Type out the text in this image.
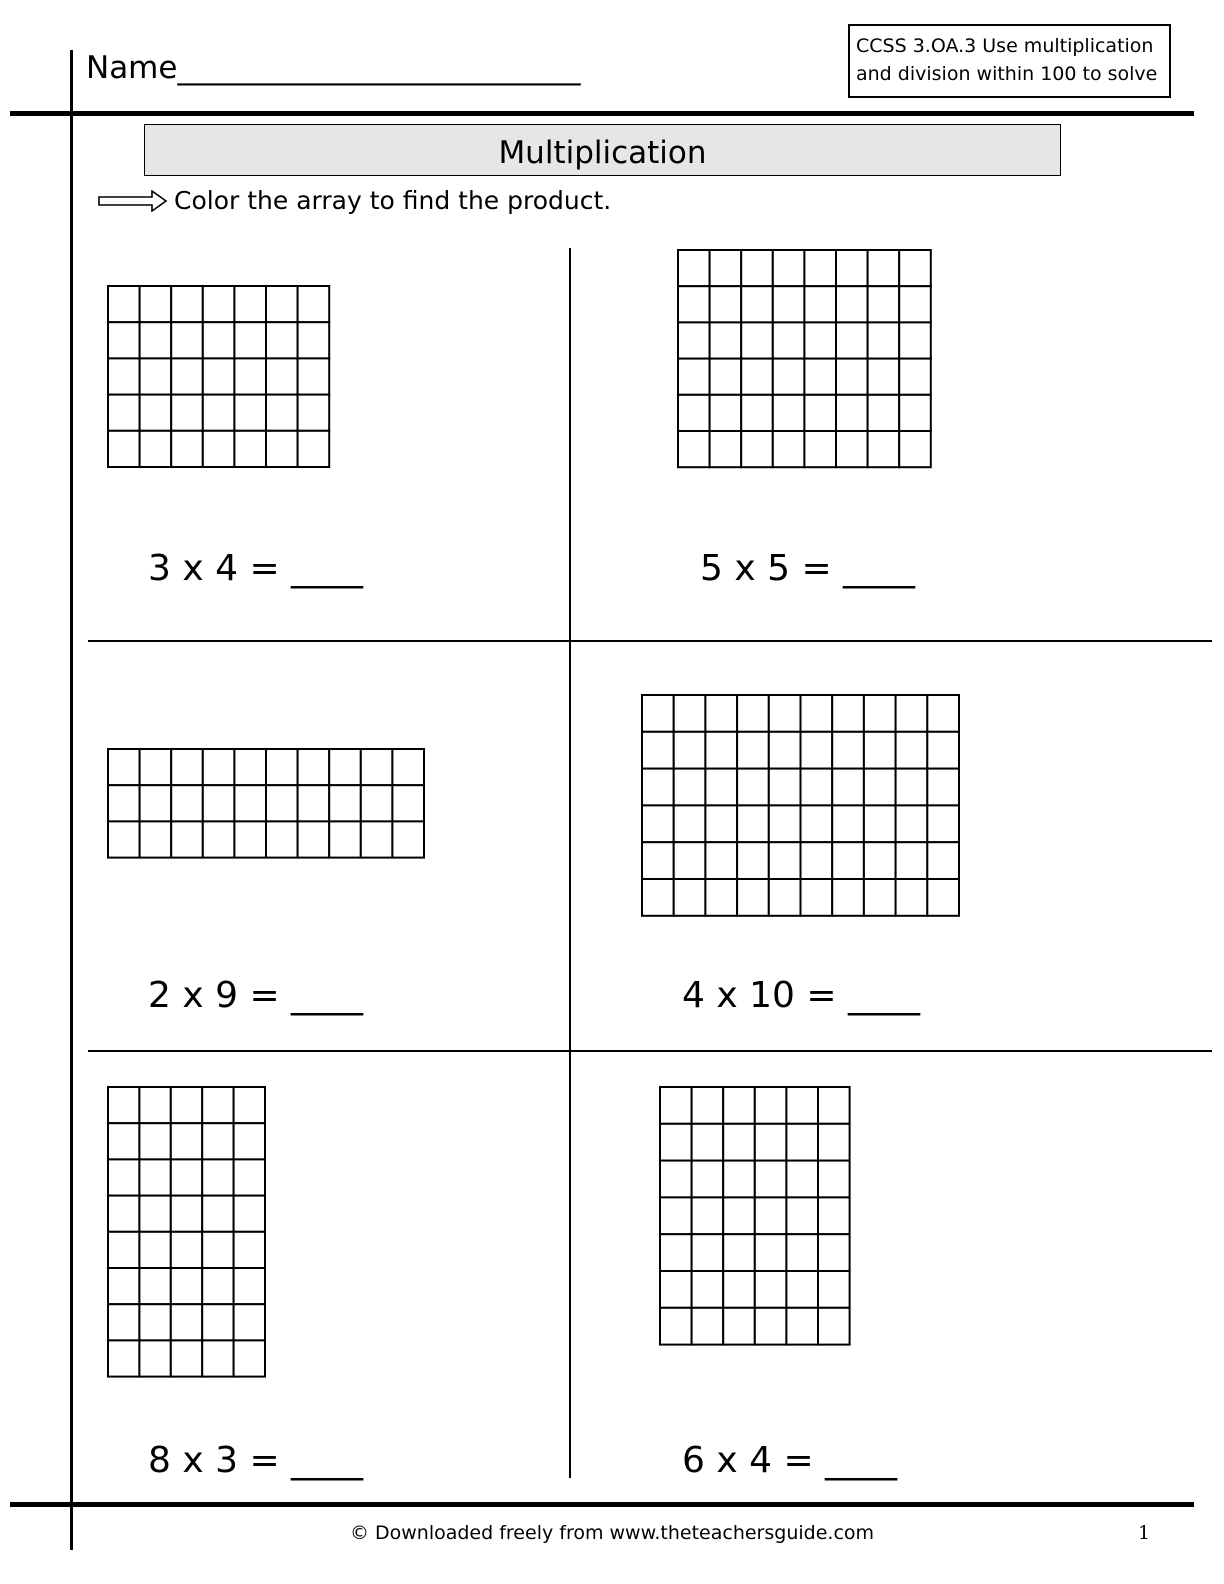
Name__________________________
CCSS 3.OA.3 Use multiplication
and division within 100 to solve
Multiplication
Color the array to find the product.
3 x 4 = ____	5 x 5 = ____
2 x 9 = ____	4 x 10 = ____
8 x 3 = ____	6 x 4 = ____
© Downloaded freely from www.theteachersguide.com	1
